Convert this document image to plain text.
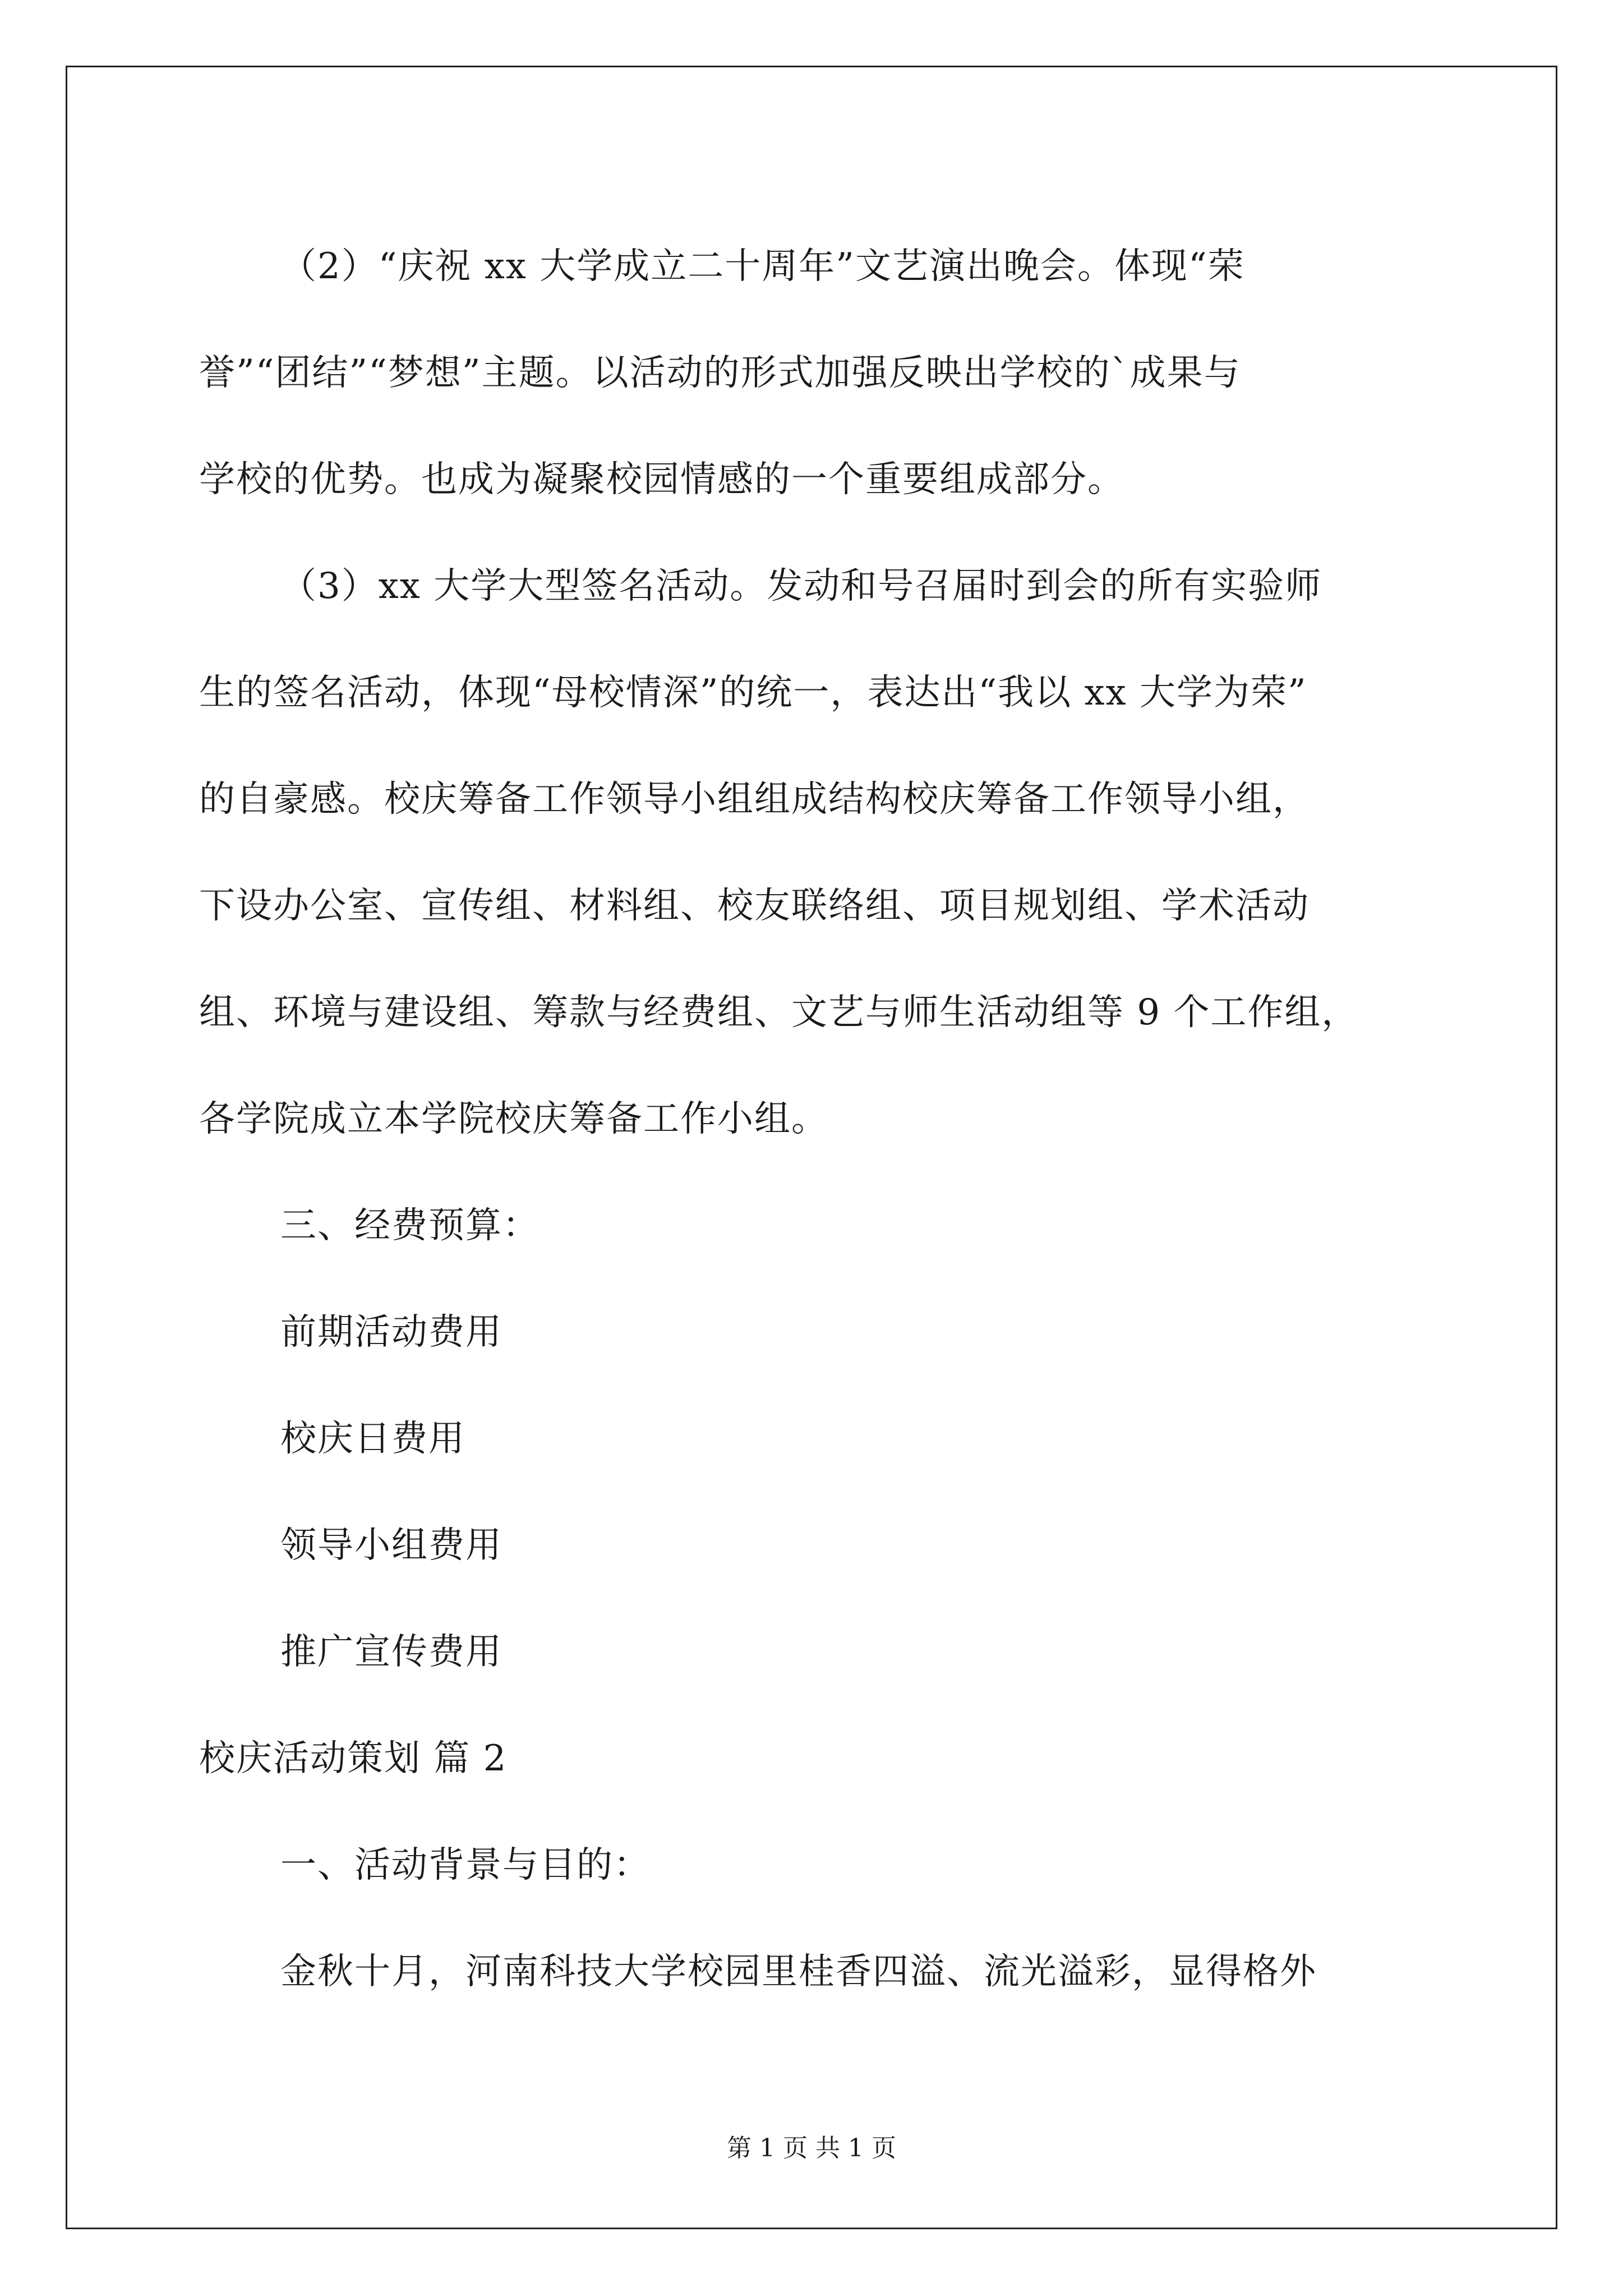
（2）“庆祝 xx 大学成立二十周年”文艺演出晚会。体现“荣

誉”“团结”“梦想”主题。以活动的形式加强反映出学校的`成果与

学校的优势。也成为凝聚校园情感的一个重要组成部分。

（3）xx 大学大型签名活动。发动和号召届时到会的所有实验师

生的签名活动，体现“母校情深”的统一，表达出“我以 xx 大学为荣”

的自豪感。校庆筹备工作领导小组组成结构校庆筹备工作领导小组，

下设办公室、宣传组、材料组、校友联络组、项目规划组、学术活动

组、环境与建设组、筹款与经费组、文艺与师生活动组等 9 个工作组，

各学院成立本学院校庆筹备工作小组。

三、经费预算：

前期活动费用

校庆日费用

领导小组费用

推广宣传费用

校庆活动策划 篇 2

一、活动背景与目的：

金秋十月，河南科技大学校园里桂香四溢、流光溢彩，显得格外

第 1 页 共 1 页
